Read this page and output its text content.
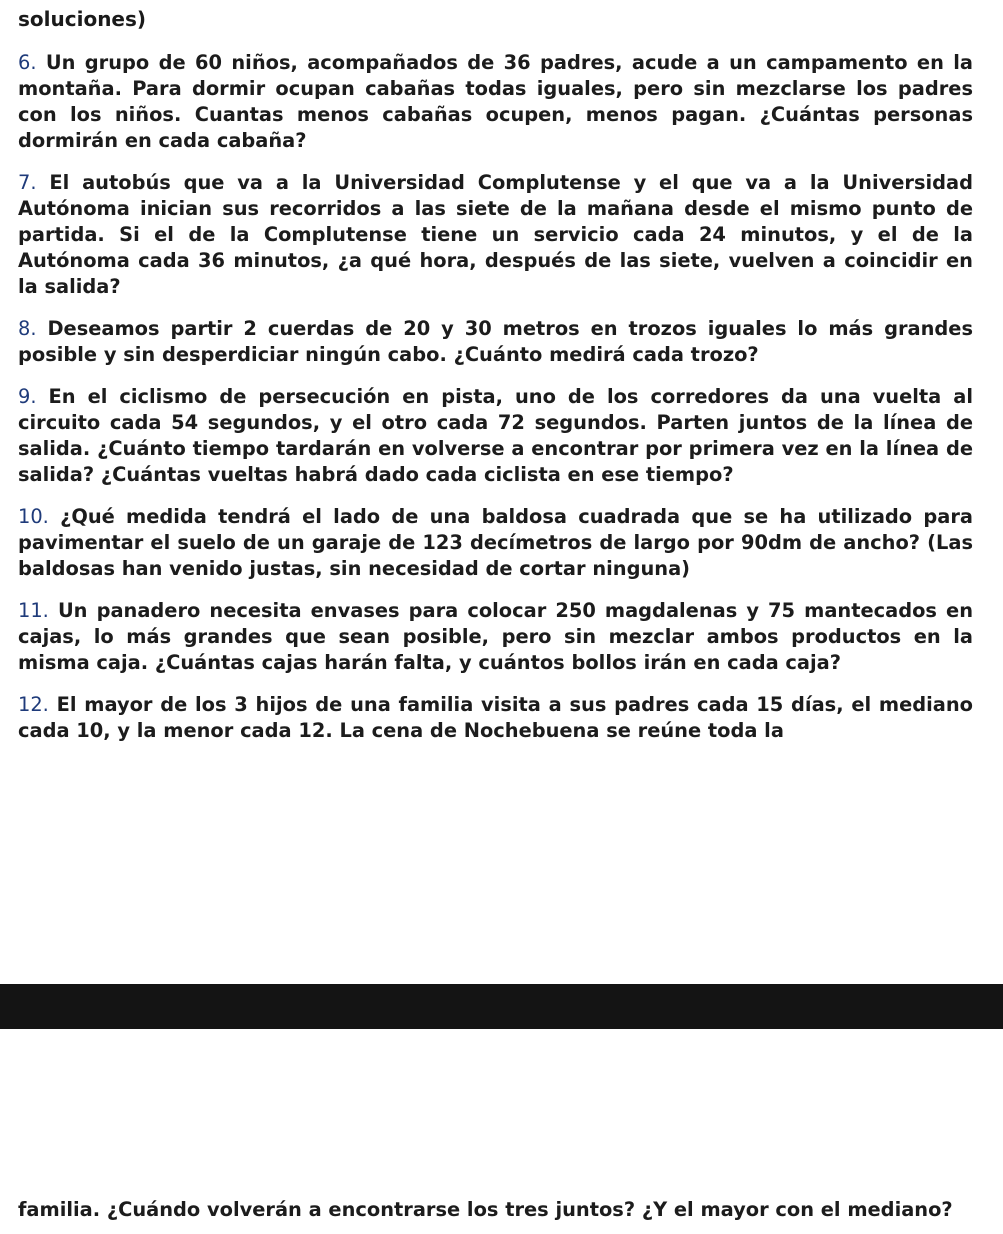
soluciones)

6. Un grupo de 60 niños, acompañados de 36 padres, acude a un campamento en la montaña. Para dormir ocupan cabañas todas iguales, pero sin mezclarse los padres con los niños. Cuantas menos cabañas ocupen, menos pagan. ¿Cuántas personas dormirán en cada cabaña?

7. El autobús que va a la Universidad Complutense y el que va a la Universidad Autónoma inician sus recorridos a las siete de la mañana desde el mismo punto de partida. Si el de la Complutense tiene un servicio cada 24 minutos, y el de la Autónoma cada 36 minutos, ¿a qué hora, después de las siete, vuelven a coincidir en la salida?

8. Deseamos partir 2 cuerdas de 20 y 30 metros en trozos iguales lo más grandes posible y sin desperdiciar ningún cabo. ¿Cuánto medirá cada trozo?

9. En el ciclismo de persecución en pista, uno de los corredores da una vuelta al circuito cada 54 segundos, y el otro cada 72 segundos. Parten juntos de la línea de salida. ¿Cuánto tiempo tardarán en volverse a encontrar por primera vez en la línea de salida? ¿Cuántas vueltas habrá dado cada ciclista en ese tiempo?

10. ¿Qué medida tendrá el lado de una baldosa cuadrada que se ha utilizado para pavimentar el suelo de un garaje de 123 decímetros de largo por 90dm de ancho? (Las baldosas han venido justas, sin necesidad de cortar ninguna)

11. Un panadero necesita envases para colocar 250 magdalenas y 75 mantecados en cajas, lo más grandes que sean posible, pero sin mezclar ambos productos en la misma caja. ¿Cuántas cajas harán falta, y cuántos bollos irán en cada caja?

12. El mayor de los 3 hijos de una familia visita a sus padres cada 15 días, el mediano cada 10, y la menor cada 12. La cena de Nochebuena se reúne toda la

familia. ¿Cuándo volverán a encontrarse los tres juntos? ¿Y el mayor con el mediano?
